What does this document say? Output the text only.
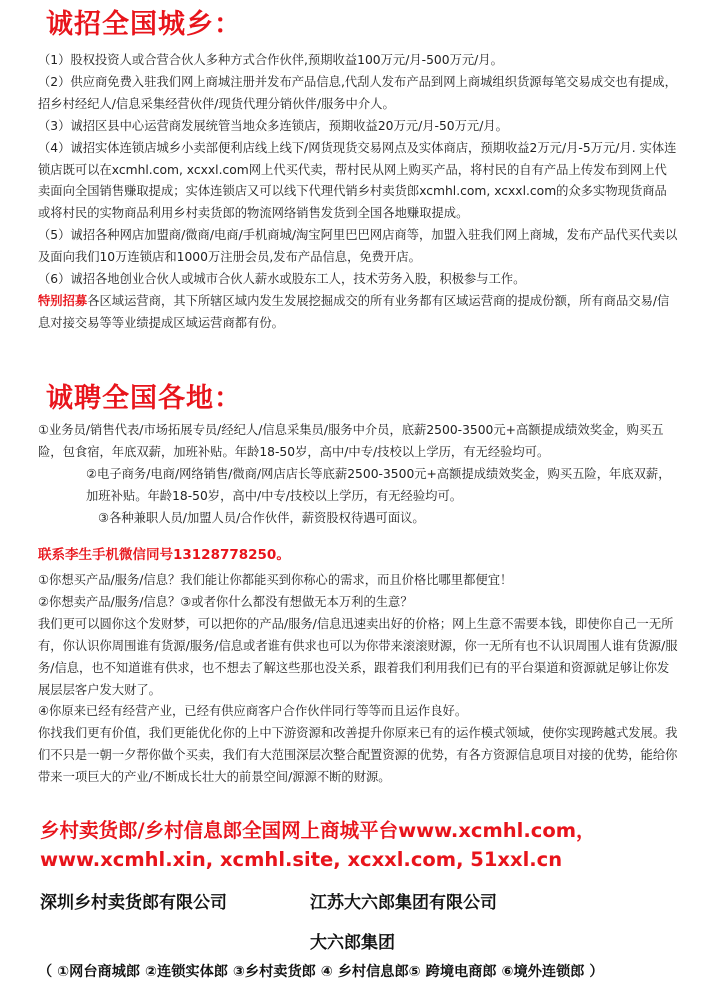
诚招全国城乡：

（1）股权投资人或合营合伙人多种方式合作伙伴,预期收益100万元/月-500万元/月。

（2）供应商免费入驻我们网上商城注册并发布产品信息,代刮人发布产品到网上商城组织货源每笔交易成交也有提成，招乡村经纪人/信息采集经营伙伴/现货代理分销伙伴/服务中介人。

（3）诚招区县中心运营商发展统管当地众多连锁店，预期收益20万元/月-50万元/月。

（4）诚招实体连锁店城乡小卖部便利店线上线下/网货现货交易网点及实体商店，预期收益2万元/月-5万元/月. 实体连锁店既可以在xcmhl.com, xcxxl.com网上代买代卖，帮村民从网上购买产品，将村民的自有产品上传发布到网上代卖面向全国销售赚取提成；实体连锁店又可以线下代理代销乡村卖货郎xcmhl.com, xcxxl.com的众多实物现货商品或将村民的实物商品利用乡村卖货郎的物流网络销售发货到全国各地赚取提成。

（5）诚招各种网店加盟商/微商/电商/手机商城/淘宝阿里巴巴网店商等，加盟入驻我们网上商城，发布产品代买代卖以及面向我们10万连锁店和1000万注册会员,发布产品信息，免费开店。

（6）诚招各地创业合伙人或城市合伙人薪水或股东工人，技术劳务入股，积极参与工作。

特别招募各区域运营商，其下所辖区域内发生发展挖掘成交的所有业务都有区域运营商的提成份额，所有商品交易/信息对接交易等等业绩提成区域运营商都有份。

诚聘全国各地：

①业务员/销售代表/市场拓展专员/经纪人/信息采集员/服务中介员，底薪2500-3500元+高额提成绩效奖金，购买五险，包食宿，年底双薪，加班补贴。年龄18-50岁，高中/中专/技校以上学历，有无经验均可。

②电子商务/电商/网络销售/微商/网店店长等底薪2500-3500元+高额提成绩效奖金，购买五险，年底双薪，加班补贴。年龄18-50岁，高中/中专/技校以上学历，有无经验均可。

③各种兼职人员/加盟人员/合作伙伴，薪资股权待遇可面议。

联系李生手机微信同号13128778250。

①你想买产品/服务/信息？我们能让你都能买到你称心的需求，而且价格比哪里都便宜！

②你想卖产品/服务/信息？③或者你什么都没有想做无本万利的生意？

我们更可以圆你这个发财梦，可以把你的产品/服务/信息迅速卖出好的价格；网上生意不需要本钱，即使你自己一无所有，你认识你周围谁有货源/服务/信息或者谁有供求也可以为你带来滚滚财源，你一无所有也不认识周围人谁有货源/服务/信息，也不知道谁有供求，也不想去了解这些那也没关系，跟着我们利用我们已有的平台渠道和资源就足够让你发展层层客户发大财了。

④你原来已经有经营产业，已经有供应商客户合作伙伴同行等等而且运作良好。

你找我们更有价值，我们更能优化你的上中下游资源和改善提升你原来已有的运作模式领域，使你实现跨越式发展。我们不只是一朝一夕帮你做个买卖，我们有大范围深层次整合配置资源的优势，有各方资源信息项目对接的优势，能给你带来一项巨大的产业/不断成长壮大的前景空间/源源不断的财源。

乡村卖货郎/乡村信息郎全国网上商城平台www.xcmhl.com，
www.xcmhl.xin, xcmhl.site, xcxxl.com, 51xxl.cn
深圳乡村卖货郎有限公司	江苏大六郎集团有限公司
大六郎集团
（ ①网台商城郎 ②连锁实体郎 ③乡村卖货郎 ④ 乡村信息郎⑤ 跨境电商郎 ⑥境外连锁郎 ）
